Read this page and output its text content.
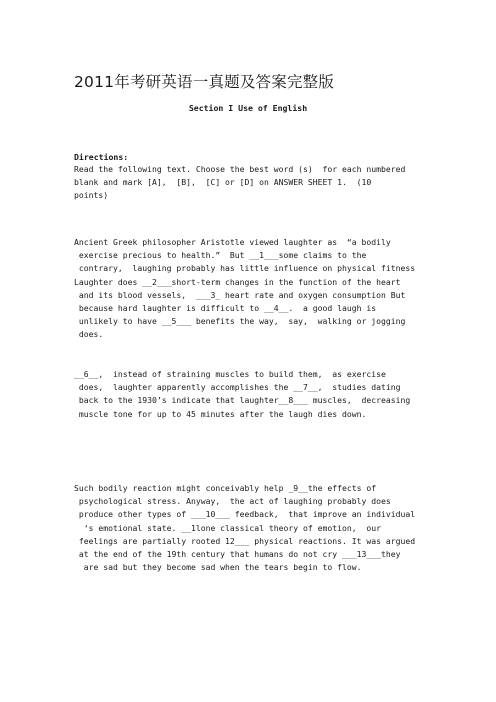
2011年考研英语一真题及答案完整版
Section I Use of English
Directions:

Read the following text. Choose the best word (s)  for each numbered
blank and mark [A],  [B],  [C] or [D] on ANSWER SHEET 1.  (10
points)

Ancient Greek philosopher Aristotle viewed laughter as  “a bodily
exercise precious to health.”  But __1___some claims to the
contrary,  laughing probably has little influence on physical fitness
Laughter does __2___short-term changes in the function of the heart
and its blood vessels,  ___3_ heart rate and oxygen consumption But
because hard laughter is difficult to __4__.  a good laugh is
unlikely to have __5___ benefits the way,  say,  walking or jogging
does.

__6__,  instead of straining muscles to build them,  as exercise
does,  laughter apparently accomplishes the __7__,  studies dating
back to the 1930’s indicate that laughter__8___ muscles,  decreasing
muscle tone for up to 45 minutes after the laugh dies down.

Such bodily reaction might conceivably help _9__the effects of
psychological stress. Anyway,  the act of laughing probably does
produce other types of ___10___ feedback,  that improve an individual
‘s emotional state. __1lone classical theory of emotion,  our
feelings are partially rooted 12___ physical reactions. It was argued
at the end of the 19th century that humans do not cry ___13___they
are sad but they become sad when the tears begin to flow.
